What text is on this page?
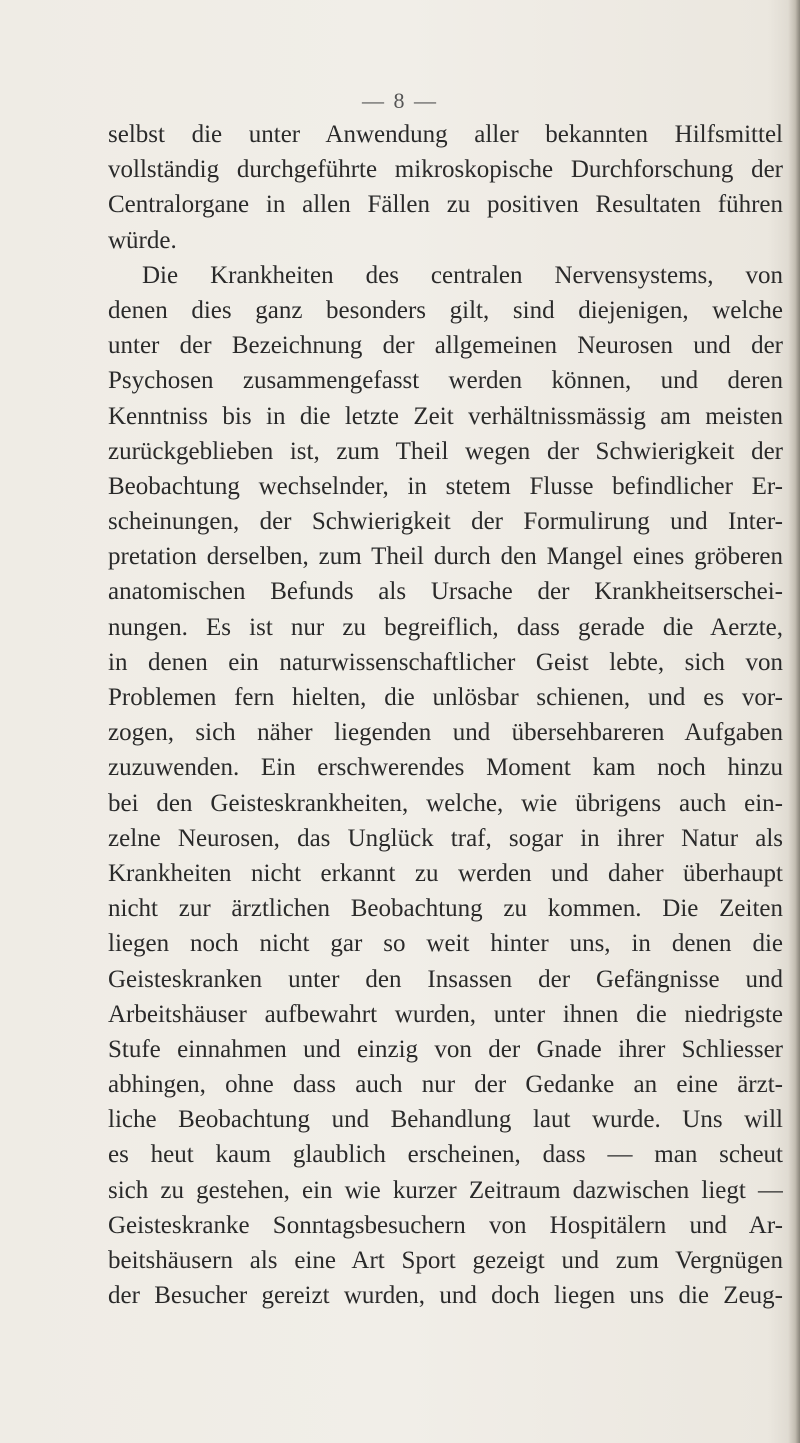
— 8 —
selbst die unter Anwendung aller bekannten Hilfsmittel
vollständig durchgeführte mikroskopische Durchforschung der
Centralorgane in allen Fällen zu positiven Resultaten führen
würde.
Die Krankheiten des centralen Nervensystems, von
denen dies ganz besonders gilt, sind diejenigen, welche
unter der Bezeichnung der allgemeinen Neurosen und der
Psychosen zusammengefasst werden können, und deren
Kenntniss bis in die letzte Zeit verhältnissmässig am meisten
zurückgeblieben ist, zum Theil wegen der Schwierigkeit der
Beobachtung wechselnder, in stetem Flusse befindlicher Er-
scheinungen, der Schwierigkeit der Formulirung und Inter-
pretation derselben, zum Theil durch den Mangel eines gröberen
anatomischen Befunds als Ursache der Krankheitserschei-
nungen. Es ist nur zu begreiflich, dass gerade die Aerzte,
in denen ein naturwissenschaftlicher Geist lebte, sich von
Problemen fern hielten, die unlösbar schienen, und es vor-
zogen, sich näher liegenden und übersehbareren Aufgaben
zuzuwenden. Ein erschwerendes Moment kam noch hinzu
bei den Geisteskrankheiten, welche, wie übrigens auch ein-
zelne Neurosen, das Unglück traf, sogar in ihrer Natur als
Krankheiten nicht erkannt zu werden und daher überhaupt
nicht zur ärztlichen Beobachtung zu kommen. Die Zeiten
liegen noch nicht gar so weit hinter uns, in denen die
Geisteskranken unter den Insassen der Gefängnisse und
Arbeitshäuser aufbewahrt wurden, unter ihnen die niedrigste
Stufe einnahmen und einzig von der Gnade ihrer Schliesser
abhingen, ohne dass auch nur der Gedanke an eine ärzt-
liche Beobachtung und Behandlung laut wurde. Uns will
es heut kaum glaublich erscheinen, dass — man scheut
sich zu gestehen, ein wie kurzer Zeitraum dazwischen liegt —
Geisteskranke Sonntagsbesuchern von Hospitälern und Ar-
beitshäusern als eine Art Sport gezeigt und zum Vergnügen
der Besucher gereizt wurden, und doch liegen uns die Zeug-
